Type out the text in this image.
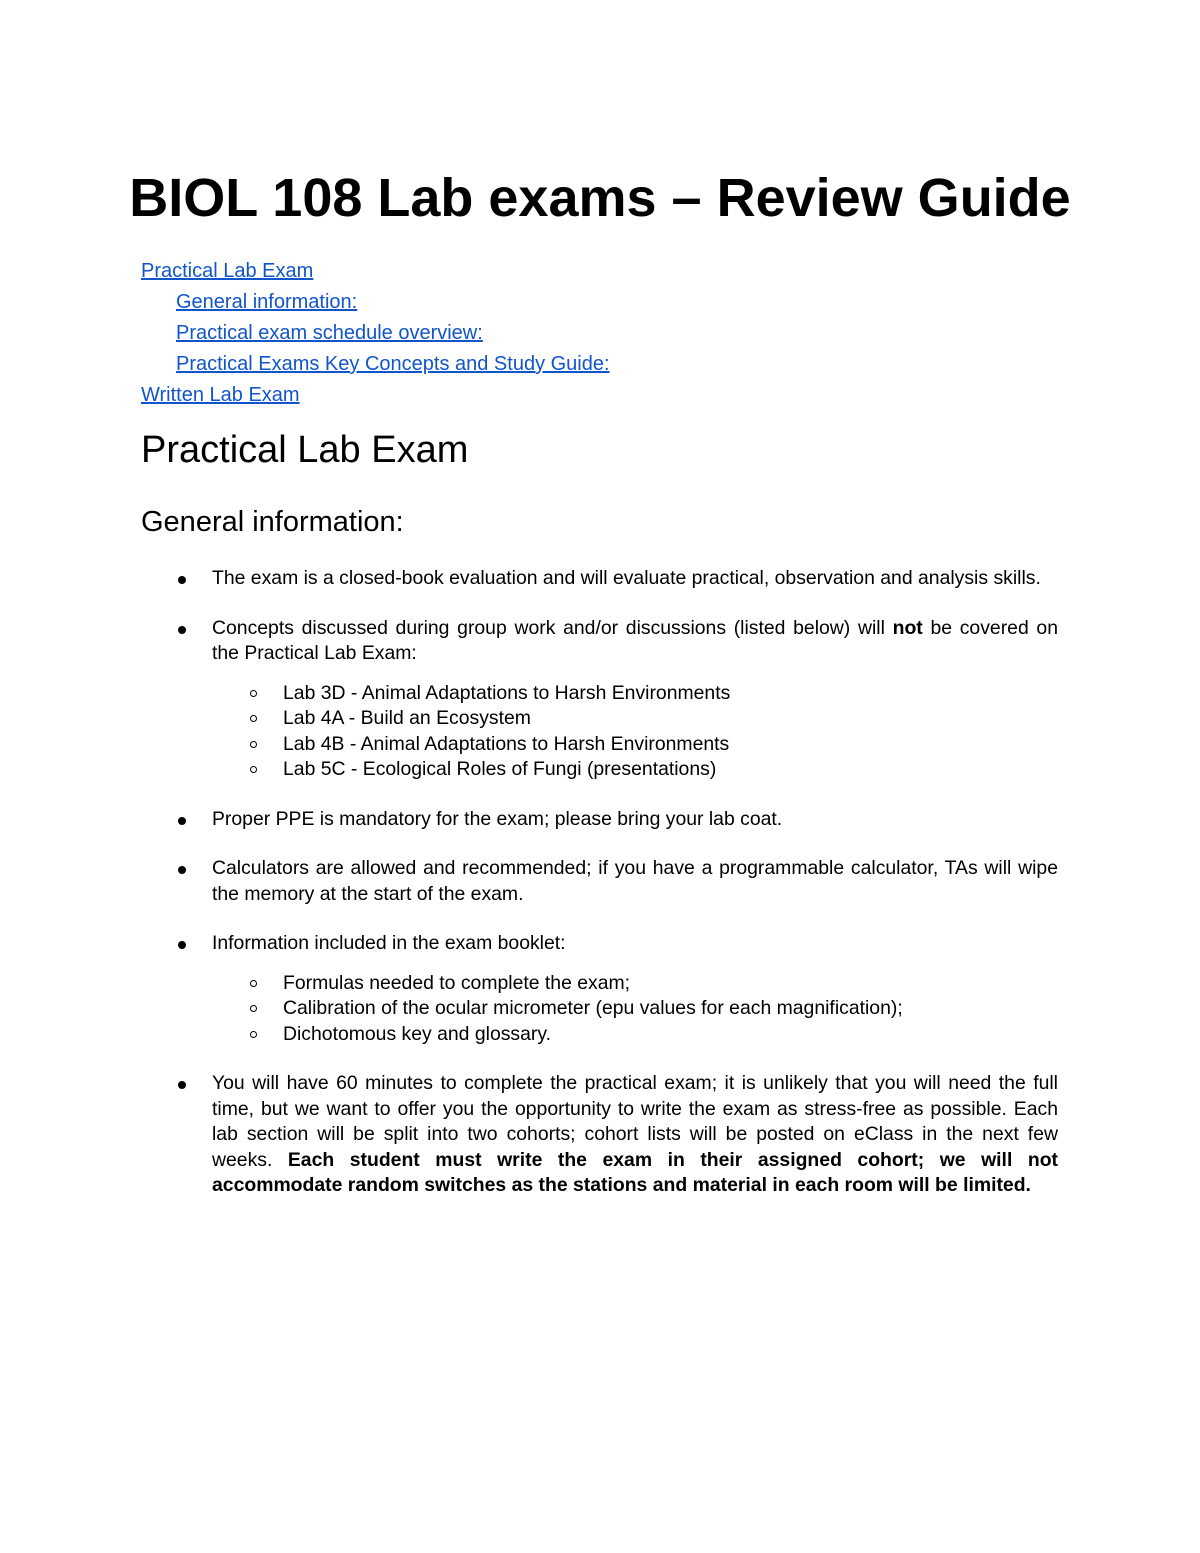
BIOL 108 Lab exams – Review Guide
Practical Lab Exam
General information:
Practical exam schedule overview:
Practical Exams Key Concepts and Study Guide:
Written Lab Exam
Practical Lab Exam
General information:
The exam is a closed-book evaluation and will evaluate practical, observation and analysis skills.
Concepts discussed during group work and/or discussions (listed below) will not be covered on the Practical Lab Exam:
Lab 3D - Animal Adaptations to Harsh Environments
Lab 4A - Build an Ecosystem
Lab 4B - Animal Adaptations to Harsh Environments
Lab 5C - Ecological Roles of Fungi (presentations)
Proper PPE is mandatory for the exam; please bring your lab coat.
Calculators are allowed and recommended; if you have a programmable calculator, TAs will wipe the memory at the start of the exam.
Information included in the exam booklet:
Formulas needed to complete the exam;
Calibration of the ocular micrometer (epu values for each magnification);
Dichotomous key and glossary.
You will have 60 minutes to complete the practical exam; it is unlikely that you will need the full time, but we want to offer you the opportunity to write the exam as stress-free as possible. Each lab section will be split into two cohorts; cohort lists will be posted on eClass in the next few weeks. Each student must write the exam in their assigned cohort; we will not accommodate random switches as the stations and material in each room will be limited.
